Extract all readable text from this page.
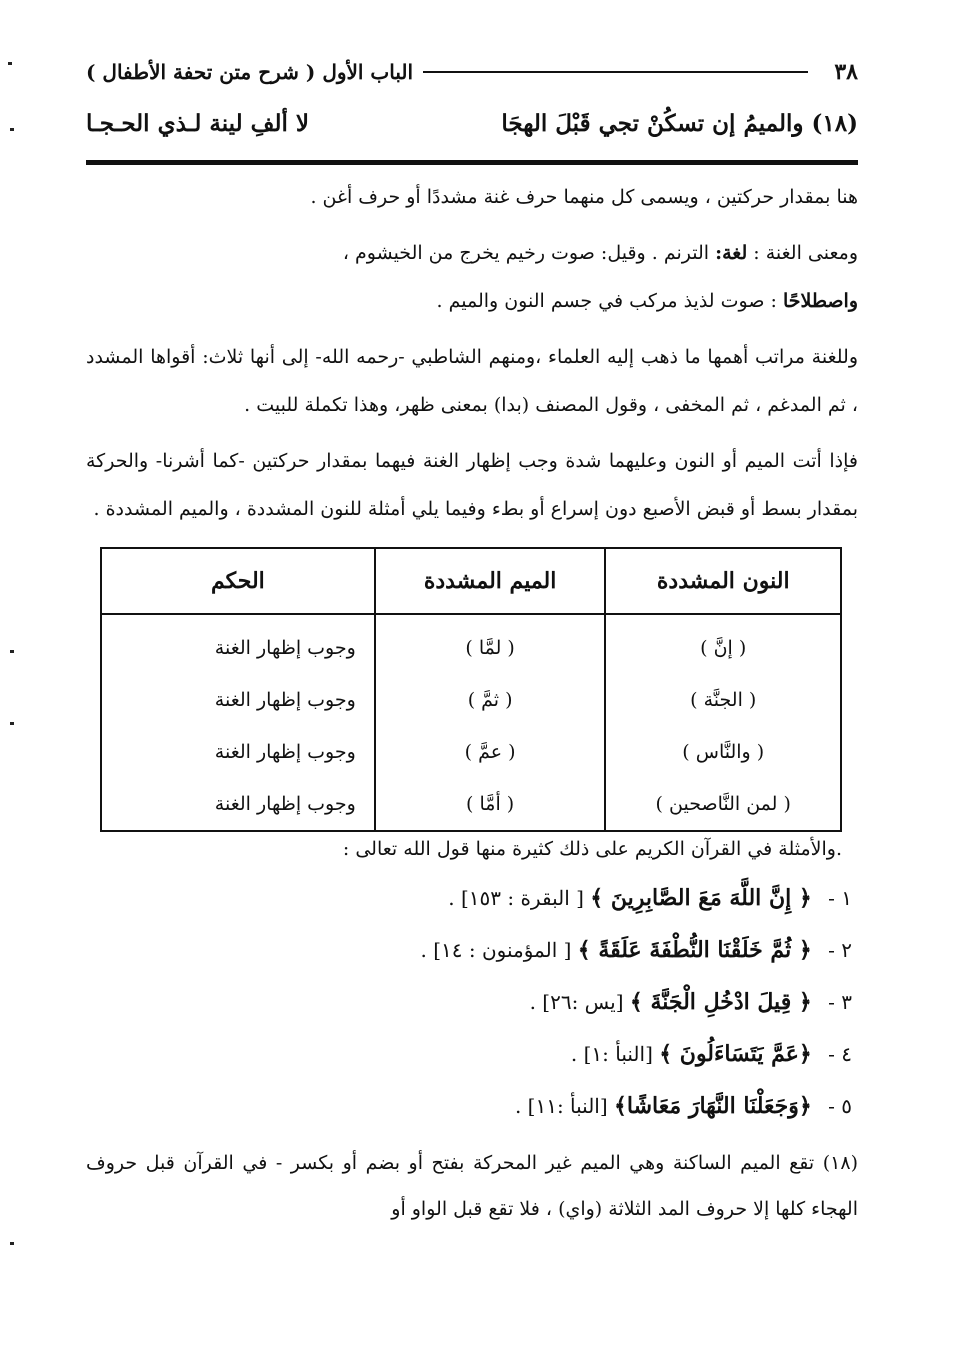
٣٨
الباب الأول ( شرح متن تحفة الأطفال )
(١٨) والميمُ إن تسكُنْ تجي قَبْلَ الهجَا
لا ألفِ لينة لـذي الحـجـا

هنا بمقدار حركتين ، ويسمى كل منهما حرف غنة مشددًا أو حرف أغن .

ومعنى الغنة : لغة: الترنم . وقيل: صوت رخيم يخرج من الخيشوم ،
واصطلاحًا : صوت لذيذ مركب في جسم النون والميم .

وللغنة مراتب أهمها ما ذهب إليه العلماء ،ومنهم الشاطبي -رحمه الله- إلى أنها ثلاث: أقواها المشدد ، ثم المدغم ، ثم المخفى ، وقول المصنف (بدا) بمعنى ظهر، وهذا تكملة للبيت .

فإذا أتت الميم أو النون وعليهما شدة وجب إظهار الغنة فيهما بمقدار حركتين -كما أشرنا- والحركة بمقدار بسط أو قبض الأصبع دون إسراع أو بطء وفيما يلي أمثلة للنون المشددة ، والميم المشددة .

النون المشددة	الميم المشددة	الحكم
( إنَّ )	( لمَّا )	وجوب إظهار الغنة
( الجنَّة )	( ثمَّ )	وجوب إظهار الغنة
( والنَّاس )	( عمَّ )	وجوب إظهار الغنة
( لمن النَّاصحين )	( أمَّا )	وجوب إظهار الغنة
.والأمثلة في القرآن الكريم على ذلك كثيرة منها قول الله تعالى :
١ - ﴿ إِنَّ اللَّهَ مَعَ الصَّابِرِينَ ﴾ [ البقرة : ١٥٣] .
٢ - ﴿ ثُمَّ خَلَقْنَا النُّطْفَةَ عَلَقَةً ﴾ [ المؤمنون : ١٤] .
٣ - ﴿ قِيلَ ادْخُلِ الْجَنَّةَ ﴾ [يس :٢٦] .
٤ - ﴿عَمَّ يَتَسَاءَلُونَ ﴾ [النبأ :١] .
٥ - ﴿وَجَعَلْنَا النَّهَارَ مَعَاشًا﴾ [النبأ :١١] .

(١٨) تقع الميم الساكنة وهي الميم غير المحركة بفتح أو بضم أو بكسر - في القرآن قبل حروف الهجاء كلها إلا حروف المد الثلاثة (واي) ، فلا تقع قبل الواو أو
